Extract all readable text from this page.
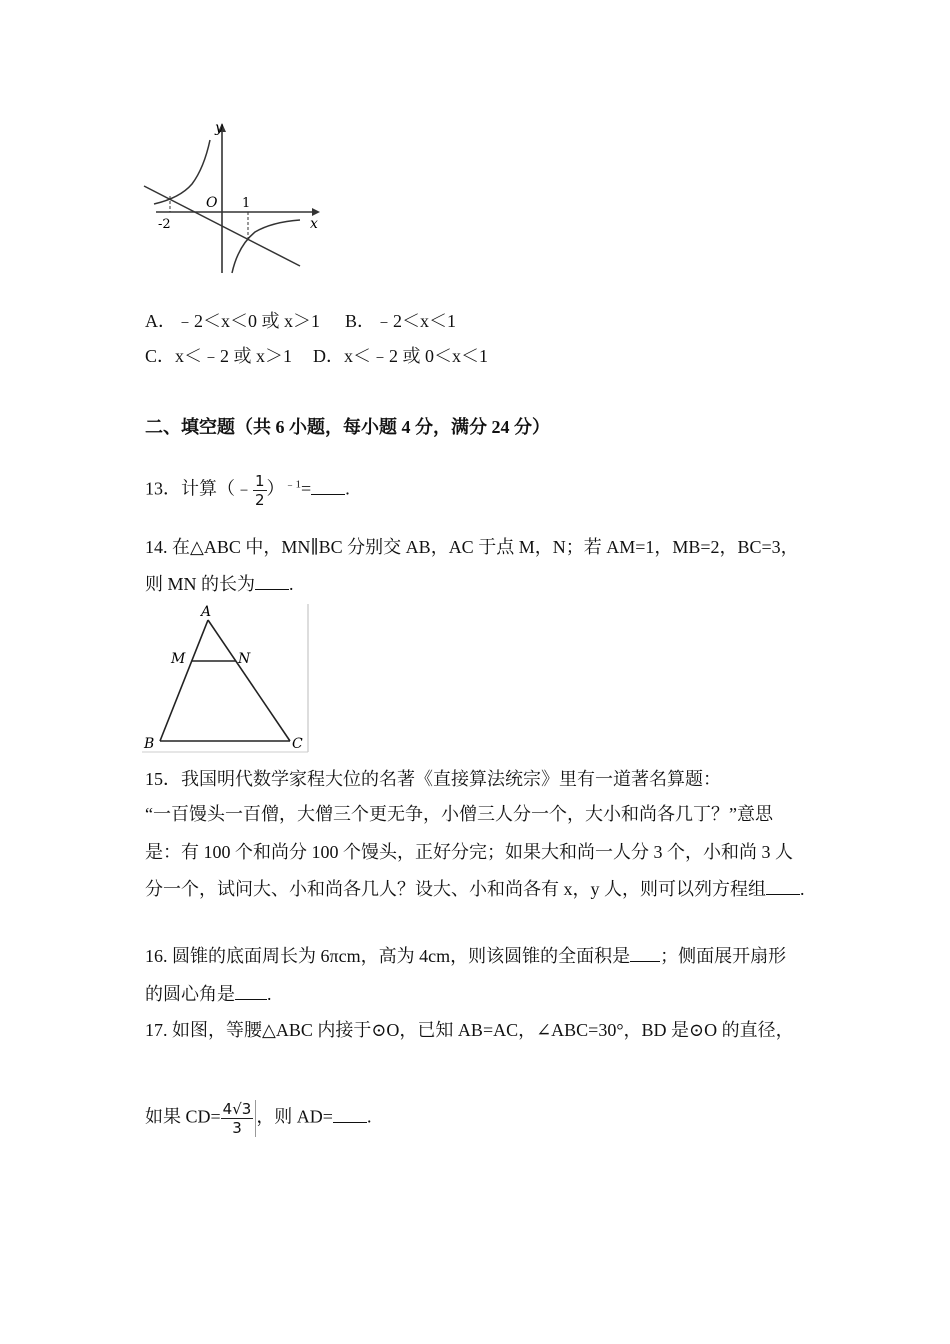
y
x
O
-2
1
A．﹣2＜x＜0 或 x＞1 B．﹣2＜x＜1
C．x＜﹣2 或 x＞1 D．x＜﹣2 或 0＜x＜1
二、填空题（共 6 小题，每小题 4 分，满分 24 分）
13．计算（﹣ $\frac{1}{2} )^{﹣1}=$ .
14. 在△ABC 中，MN∥BC 分别交 AB，AC 于点 M，N；若 AM=1，MB=2，BC=3，
则 MN 的长为 .
A
M	N
B	C
15．我国明代数学家程大位的名著《直接算法统宗》里有一道著名算题：
“一百馒头一百僧，大僧三个更无争，小僧三人分一个，大小和尚各几丁？”意思
是：有 100 个和尚分 100 个馒头，正好分完；如果大和尚一人分 3 个，小和尚 3 人
分一个，试问大、小和尚各几人？设大、小和尚各有 x，y 人，则可以列方程组 .
16. 圆锥的底面周长为 6πcm，高为 4cm，则该圆锥的全面积是 ；侧面展开扇形
的圆心角是 .
17. 如图，等腰△ABC 内接于⊙O，已知 AB=AC，∠ABC=30°，BD 是⊙O 的直径，
如果 $CD= \frac{4√3}{3}$ ，则 AD= .
